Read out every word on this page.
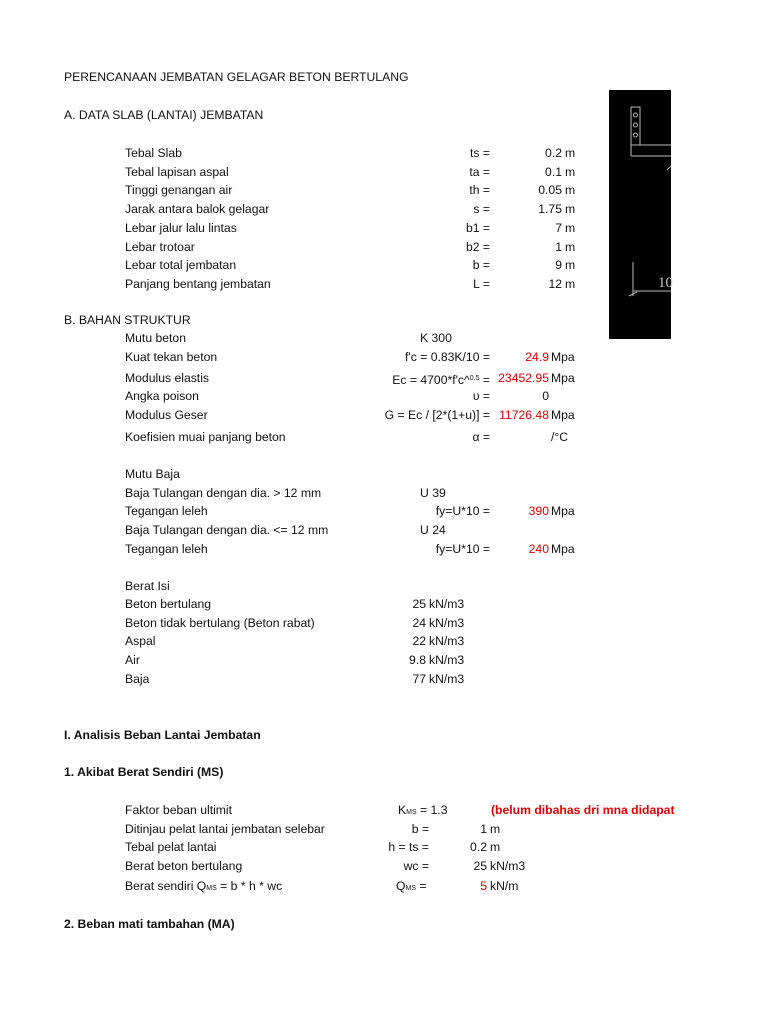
PERENCANAAN JEMBATAN GELAGAR BETON BERTULANG
A. DATA SLAB (LANTAI) JEMBATAN
Tebal Slab	ts =	0.2 m
Tebal lapisan aspal	ta =	0.1 m
Tinggi genangan air	th =	0.05 m
Jarak antara balok gelagar	s =	1.75 m
Lebar jalur lalu lintas	b1 =	7 m
Lebar trotoar	b2 =	1 m
Lebar total jembatan	b =	9 m
Panjang bentang jembatan	L =	12 m	10
B. BAHAN STRUKTUR
Mutu beton	K 300
Kuat tekan beton	f'c = 0.83K/10 =	24.9 Mpa
Modulus elastis	Ec = 4700*f'c^$^{0.5}$ = 23452.95 Mpa
Angka poison	υ =	0
Modulus Geser	G = Ec / [2*(1+u)] = 11726.48 Mpa
Koefisien muai panjang beton	α =	/°C
Mutu Baja
Baja Tulangan dengan dia. > 12 mm	U 39
Tegangan leleh	fy=U*10 =	390 Mpa
Baja Tulangan dengan dia. <= 12 mm	U 24
Tegangan leleh	fy=U*10 =	240 Mpa
Berat Isi
Beton bertulang	25 kN/m3
Beton tidak bertulang (Beton rabat)	24 kN/m3
Aspal	22 kN/m3
Air	9.8 kN/m3
Baja	77 kN/m3
I. Analisis Beban Lantai Jembatan
1. Akibat Berat Sendiri (MS)
Faktor beban ultimit	KMS = 1.3	(belum dibahas dri mna didapat
Ditinjau pelat lantai jembatan selebar	b =	1 m
Tebal pelat lantai	h = ts =	0.2 m
Berat beton bertulang	wc =	25 kN/m3
Berat sendiri QMS = b * h * wc	QMS =	5 kN/m
2. Beban mati tambahan (MA)
